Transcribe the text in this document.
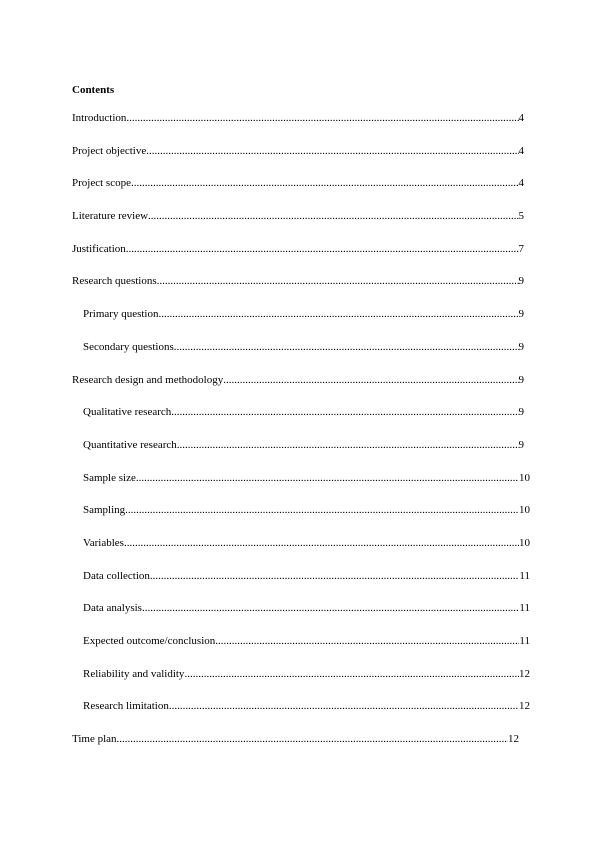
Contents
Introduction .....	4
Project objective .....	4
Project scope .....	4
Literature review .....	5
Justification .....	7
Research questions .....	9
Primary question .....	9
Secondary questions .....	9
Research design and methodology .....	9
Qualitative research .....	9
Quantitative research .....	9
Sample size .....	10
Sampling .....	10
Variables .....	10
Data collection .....	11
Data analysis .....	11
Expected outcome/conclusion .....	11
Reliability and validity .....	12
Research limitation .....	12
Time plan .....	12
